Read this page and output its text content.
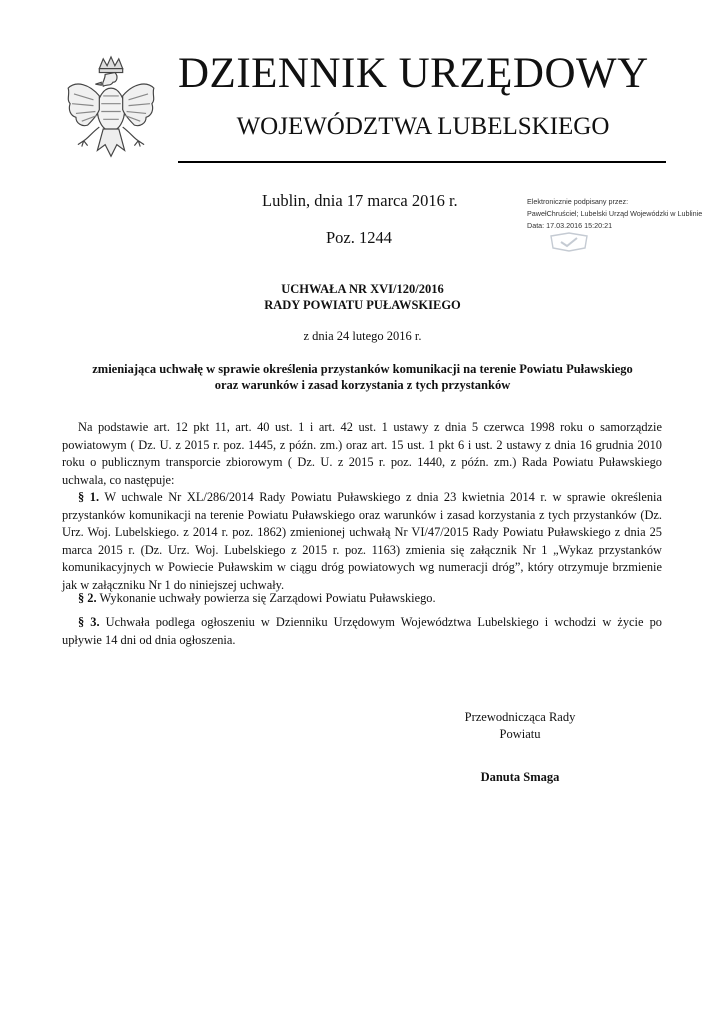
DZIENNIK URZĘDOWY
WOJEWÓDZTWA LUBELSKIEGO
Lublin, dnia 17 marca 2016 r.
Poz. 1244
Elektronicznie podpisany przez:
PawełChruściel; Lubelski Urząd Wojewódzki w Lublinie
Data: 17.03.2016 15:20:21
UCHWAŁA NR XVI/120/2016
RADY POWIATU PUŁAWSKIEGO
z dnia 24 lutego 2016 r.
zmieniająca uchwałę w sprawie określenia przystanków komunikacji na terenie Powiatu Puławskiego
oraz warunków i zasad korzystania z tych przystanków
Na podstawie art. 12 pkt 11, art. 40 ust. 1 i art. 42 ust. 1 ustawy z dnia 5 czerwca 1998 roku o samorządzie powiatowym ( Dz. U. z 2015 r. poz. 1445, z późn. zm.) oraz art. 15 ust. 1 pkt 6 i ust. 2 ustawy z dnia 16 grudnia 2010 roku o publicznym transporcie zbiorowym ( Dz. U. z 2015 r. poz. 1440, z późn. zm.) Rada Powiatu Puławskiego uchwala, co następuje:
§ 1. W uchwale Nr XL/286/2014 Rady Powiatu Puławskiego z dnia 23 kwietnia 2014 r. w sprawie określenia przystanków komunikacji na terenie Powiatu Puławskiego oraz warunków i zasad korzystania z tych przystanków (Dz. Urz. Woj. Lubelskiego. z 2014 r. poz. 1862) zmienionej uchwałą Nr VI/47/2015 Rady Powiatu Puławskiego z dnia 25 marca 2015 r. (Dz. Urz. Woj. Lubelskiego z 2015 r. poz. 1163) zmienia się załącznik Nr 1 „Wykaz przystanków komunikacyjnych w Powiecie Puławskim w ciągu dróg powiatowych wg numeracji dróg”, który otrzymuje brzmienie jak w załączniku Nr 1 do niniejszej uchwały.
§ 2. Wykonanie uchwały powierza się Zarządowi Powiatu Puławskiego.
§ 3. Uchwała podlega ogłoszeniu w Dzienniku Urzędowym Województwa Lubelskiego i wchodzi w życie po upływie 14 dni od dnia ogłoszenia.
Przewodnicząca Rady
Powiatu
Danuta Smaga
